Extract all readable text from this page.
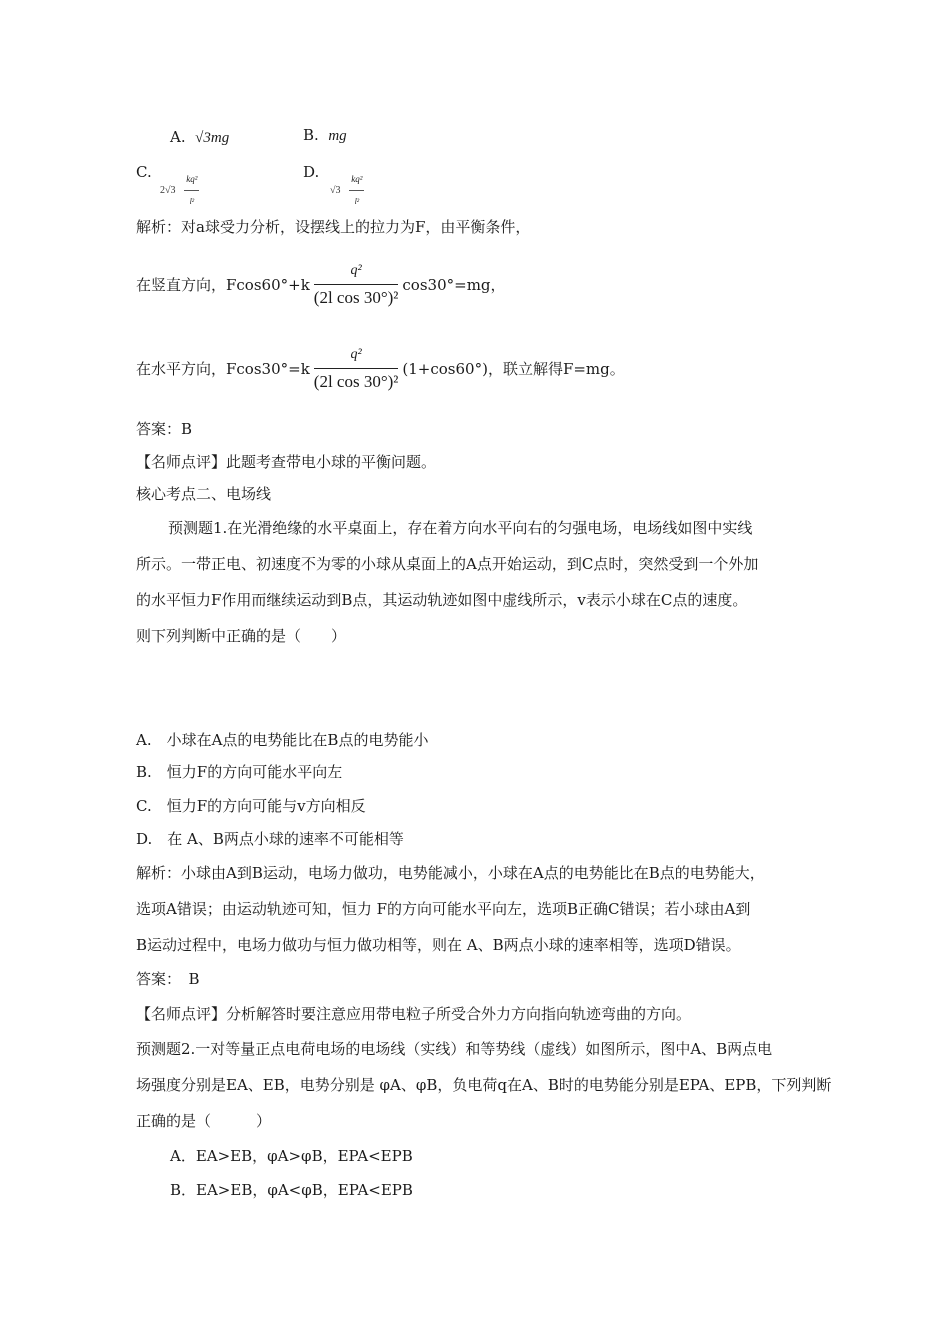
A. √3mg	B. mg
C.
$2√3 \frac{\text{kq²}}{\text{l²}}$	D.
$√3 \frac{\text{kq²}}{\text{l²}}$
解析：对a球受力分析，设摆线上的拉力为F，由平衡条件，
在竖直方向，$Fcos60^\circ+k \frac{\text{q²}}{\text{(2l cos 30°)²}} \cos 30^\circ=mg$，
在水平方向，$Fcos30^\circ=k \frac{\text{q²}}{\text{(2l cos 30°)²}} (1+\cos 60^\circ)$，联立解得F=mg。
答案：B
【名师点评】此题考查带电小球的平衡问题。
核心考点二、电场线
预测题1.在光滑绝缘的水平桌面上，存在着方向水平向右的匀强电场，电场线如图中实线
所示。一带正电、初速度不为零的小球从桌面上的A点开始运动，到C点时，突然受到一个外加
的水平恒力F作用而继续运动到B点，其运动轨迹如图中虚线所示，v表示小球在C点的速度。
则下列判断中正确的是（　　）
A.　小球在A点的电势能比在B点的电势能小
B.　恒力F的方向可能水平向左
C.　恒力F的方向可能与v方向相反
D.　在 A、B两点小球的速率不可能相等
解析：小球由A到B运动，电场力做功，电势能减小，小球在A点的电势能比在B点的电势能大，
选项A错误；由运动轨迹可知，恒力 F的方向可能水平向左，选项B正确C错误；若小球由A到
B运动过程中，电场力做功与恒力做功相等，则在 A、B两点小球的速率相等，选项D错误。
答案：　B
【名师点评】分析解答时要注意应用带电粒子所受合外力方向指向轨迹弯曲的方向。
预测题2.一对等量正点电荷电场的电场线（实线）和等势线（虚线）如图所示，图中A、B两点电
场强度分别是EA、EB，电势分别是 φA、φB，负电荷q在A、B时的电势能分别是EPA、EPB，下列判断
正确的是（　　　）
A．EA>EB，φA>φB，EPA<EPB
B．EA>EB，φA<φB，EPA<EPB
